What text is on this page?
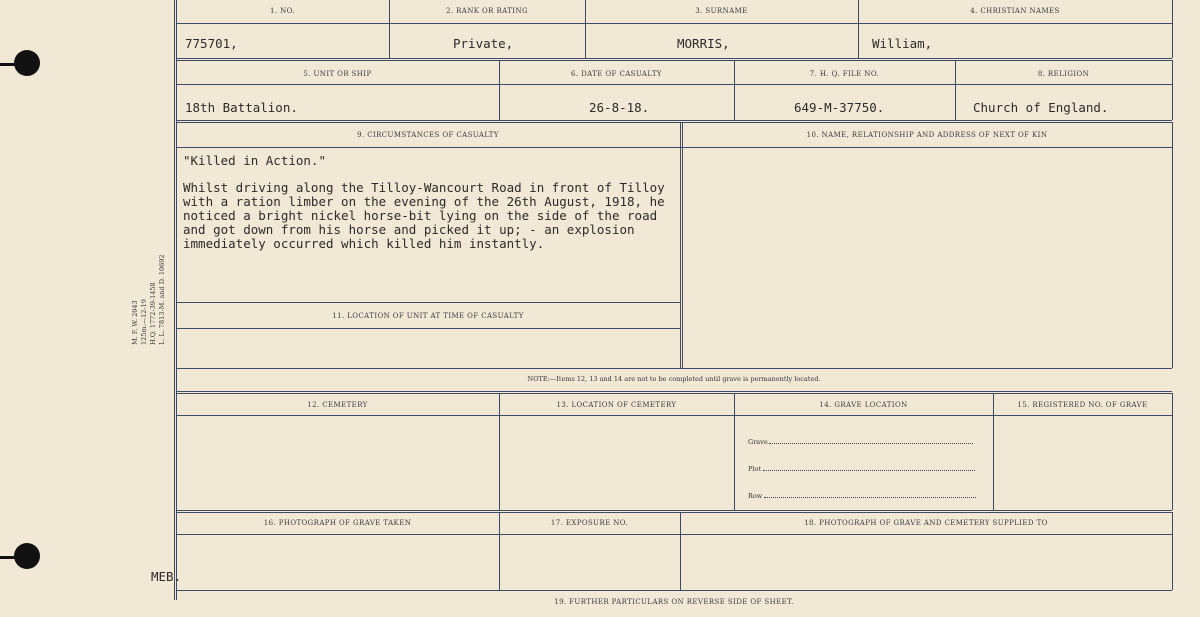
M. F. W. 2043 125m.—12-19 H.Q. 1772-39-1458 L. L. 7813-M. and D. 10692
1. NO.	2. RANK OR RATING	3. SURNAME	4. CHRISTIAN NAMES
775701,	Private,	MORRIS,	William,
5. UNIT OR SHIP	6. DATE OF CASUALTY	7. H. Q. FILE NO.	8. RELIGION
18th Battalion.	26-8-18.	649-M-37750.	Church of England.
9. CIRCUMSTANCES OF CASUALTY	10. NAME, RELATIONSHIP AND ADDRESS OF NEXT OF KIN
"Killed in Action."
Whilst driving along the Tilloy-Wancourt Road in front of Tilloy
with a ration limber on the evening of the 26th August, 1918, he
noticed a bright nickel horse-bit lying on the side of the road
and got down from his horse and picked it up; - an explosion
immediately occurred which killed him instantly.
11. LOCATION OF UNIT AT TIME OF CASUALTY
NOTE:—Items 12, 13 and 14 are not to be completed until grave is permanently located.
12. CEMETERY	13. LOCATION OF CEMETERY	14. GRAVE LOCATION	15. REGISTERED NO. OF GRAVE
Grave
Plot
Row
16. PHOTOGRAPH OF GRAVE TAKEN	17. EXPOSURE NO.	18. PHOTOGRAPH OF GRAVE AND CEMETERY SUPPLIED TO
MEB.
19. FURTHER PARTICULARS ON REVERSE SIDE OF SHEET.
